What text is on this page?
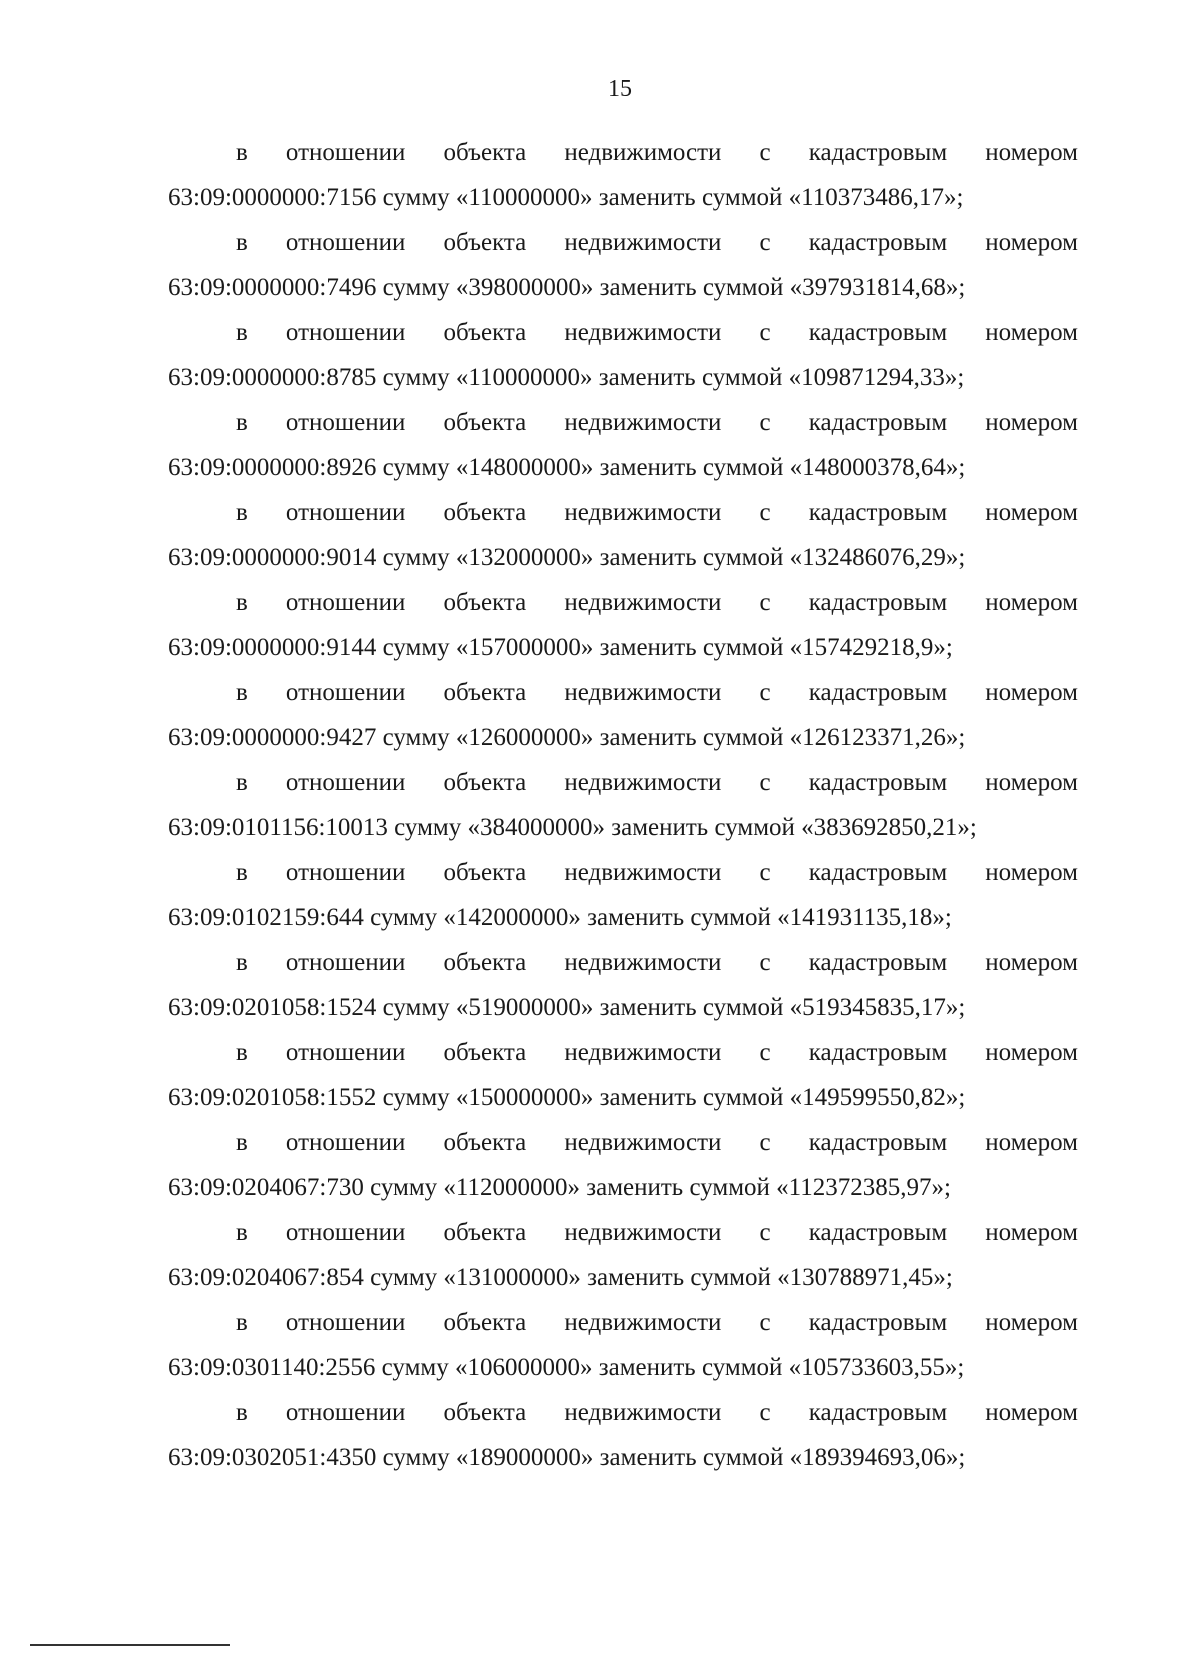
15
в отношении объекта недвижимости с кадастровым номером
63:09:0000000:7156 сумму «110000000» заменить суммой «110373486,17»;
в отношении объекта недвижимости с кадастровым номером
63:09:0000000:7496 сумму «398000000» заменить суммой «397931814,68»;
в отношении объекта недвижимости с кадастровым номером
63:09:0000000:8785 сумму «110000000» заменить суммой «109871294,33»;
в отношении объекта недвижимости с кадастровым номером
63:09:0000000:8926 сумму «148000000» заменить суммой «148000378,64»;
в отношении объекта недвижимости с кадастровым номером
63:09:0000000:9014 сумму «132000000» заменить суммой «132486076,29»;
в отношении объекта недвижимости с кадастровым номером
63:09:0000000:9144 сумму «157000000» заменить суммой «157429218,9»;
в отношении объекта недвижимости с кадастровым номером
63:09:0000000:9427 сумму «126000000» заменить суммой «126123371,26»;
в отношении объекта недвижимости с кадастровым номером
63:09:0101156:10013 сумму «384000000» заменить суммой «383692850,21»;
в отношении объекта недвижимости с кадастровым номером
63:09:0102159:644 сумму «142000000» заменить суммой «141931135,18»;
в отношении объекта недвижимости с кадастровым номером
63:09:0201058:1524 сумму «519000000» заменить суммой «519345835,17»;
в отношении объекта недвижимости с кадастровым номером
63:09:0201058:1552 сумму «150000000» заменить суммой «149599550,82»;
в отношении объекта недвижимости с кадастровым номером
63:09:0204067:730 сумму «112000000» заменить суммой «112372385,97»;
в отношении объекта недвижимости с кадастровым номером
63:09:0204067:854 сумму «131000000» заменить суммой «130788971,45»;
в отношении объекта недвижимости с кадастровым номером
63:09:0301140:2556 сумму «106000000» заменить суммой «105733603,55»;
в отношении объекта недвижимости с кадастровым номером
63:09:0302051:4350 сумму «189000000» заменить суммой «189394693,06»;
